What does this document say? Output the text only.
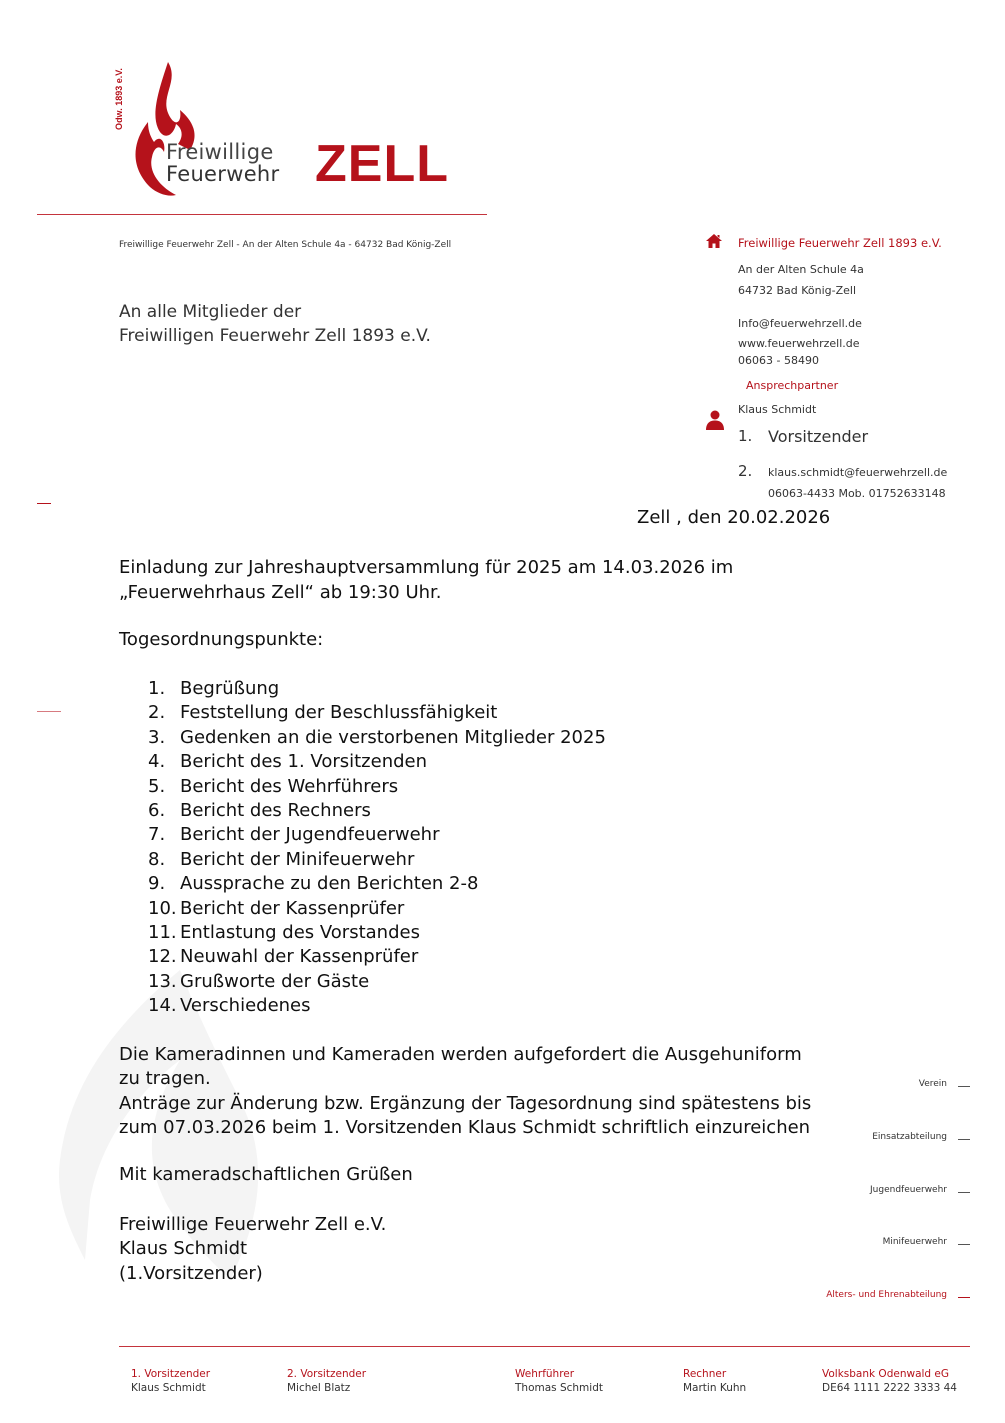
Odw. 1893 e.V.
Freiwillige
Feuerwehr ZELL
Freiwillige Feuerwehr Zell - An der Alten Schule 4a - 64732 Bad König-Zell
An alle Mitglieder der
Freiwilligen Feuerwehr Zell 1893 e.V.
Freiwillige Feuerwehr Zell 1893 e.V.
An der Alten Schule 4a
64732 Bad König-Zell
Info@feuerwehrzell.de
www.feuerwehrzell.de
06063 - 58490
Ansprechpartner
Klaus Schmidt
1. Vorsitzender
2. klaus.schmidt@feuerwehrzell.de
06063-4433 Mob. 01752633148
Zell , den 20.02.2026
Einladung zur Jahreshauptversammlung für 2025 am 14.03.2026 im
„Feuerwehrhaus Zell“ ab 19:30 Uhr.
Togesordnungspunkte:
1. Begrüßung
2. Feststellung der Beschlussfähigkeit
3. Gedenken an die verstorbenen Mitglieder 2025
4. Bericht des 1. Vorsitzenden
5. Bericht des Wehrführers
6. Bericht des Rechners
7. Bericht der Jugendfeuerwehr
8. Bericht der Minifeuerwehr
9. Aussprache zu den Berichten 2-8
10. Bericht der Kassenprüfer
11. Entlastung des Vorstandes
12. Neuwahl der Kassenprüfer
13. Grußworte der Gäste
14. Verschiedenes
Die Kameradinnen und Kameraden werden aufgefordert die Ausgehuniform
zu tragen.
Anträge zur Änderung bzw. Ergänzung der Tagesordnung sind spätestens bis
zum 07.03.2026 beim 1. Vorsitzenden Klaus Schmidt schriftlich einzureichen
Mit kameradschaftlichen Grüßen
Freiwillige Feuerwehr Zell e.V.
Klaus Schmidt
(1.Vorsitzender)
Verein
Einsatzabteilung
Jugendfeuerwehr
Minifeuerwehr
Alters- und Ehrenabteilung
1. Vorsitzender
Klaus Schmidt
2. Vorsitzender
Michel Blatz
Wehrführer
Thomas Schmidt
Rechner
Martin Kuhn
Volksbank Odenwald eG
DE64 1111 2222 3333 44
